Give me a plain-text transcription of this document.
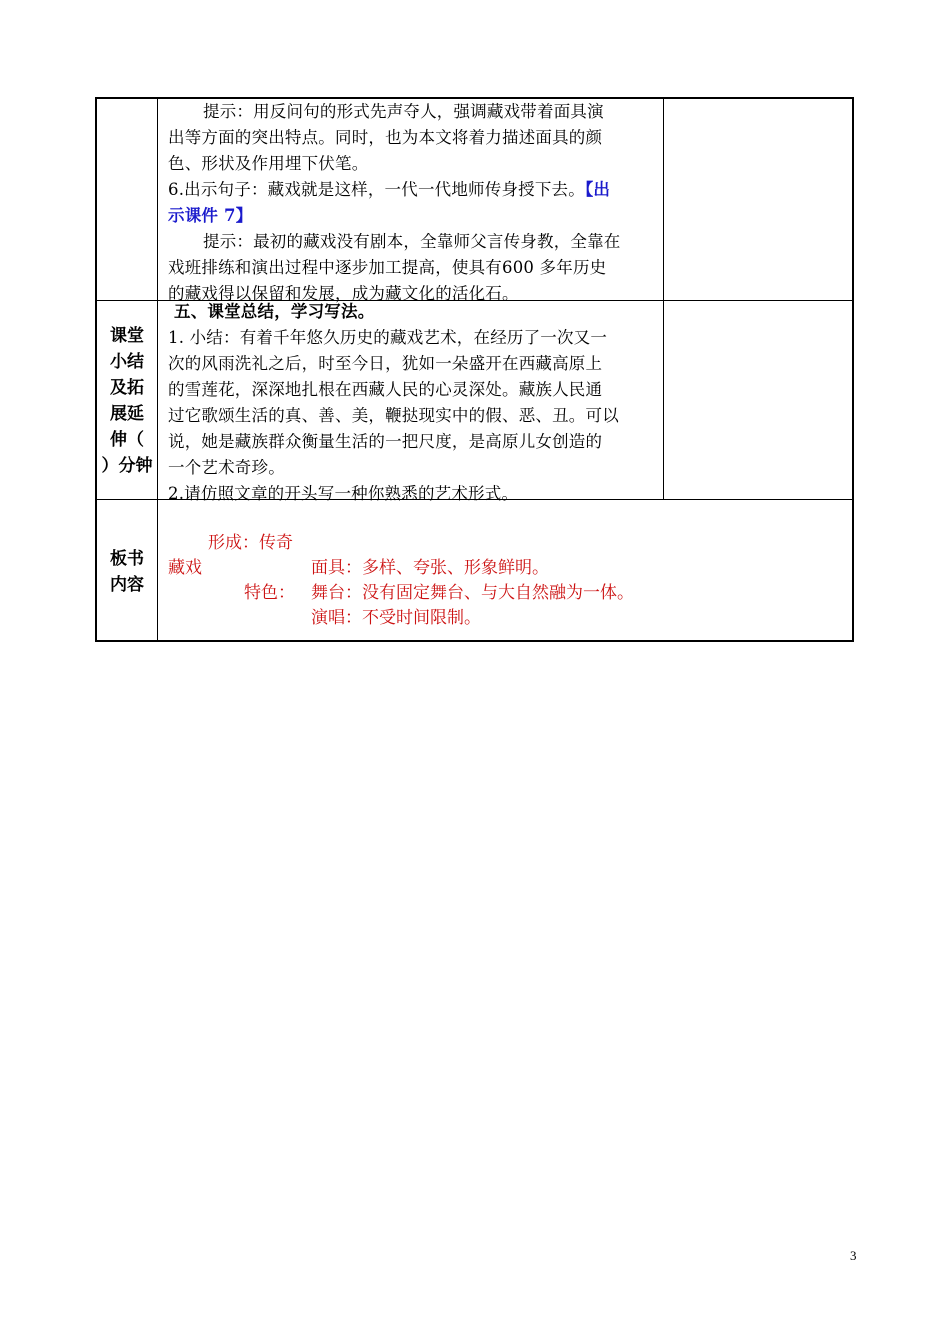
提示：用反问句的形式先声夺人，强调藏戏带着面具演
出等方面的突出特点。同时，也为本文将着力描述面具的颜
色、形状及作用埋下伏笔。
6.出示句子：藏戏就是这样，一代一代地师传身授下去。【出
示课件 7】
提示：最初的藏戏没有剧本，全靠师父言传身教，全靠在
戏班排练和演出过程中逐步加工提高，使具有600 多年历史
的藏戏得以保留和发展，成为藏文化的活化石。
课堂
小结
及拓
展延
伸（
）分钟
五、课堂总结，学习写法。
1. 小结：有着千年悠久历史的藏戏艺术，在经历了一次又一
次的风雨洗礼之后，时至今日，犹如一朵盛开在西藏高原上
的雪莲花，深深地扎根在西藏人民的心灵深处。藏族人民通
过它歌颂生活的真、善、美，鞭挞现实中的假、恶、丑。可以
说，她是藏族群众衡量生活的一把尺度，是高原儿女创造的
一个艺术奇珍。
2.请仿照文章的开头写一种你熟悉的艺术形式。
板书
内容
形成：传奇
藏戏	面具：多样、夸张、形象鲜明。
特色： 舞台：没有固定舞台、与大自然融为一体。
演唱：不受时间限制。
3
